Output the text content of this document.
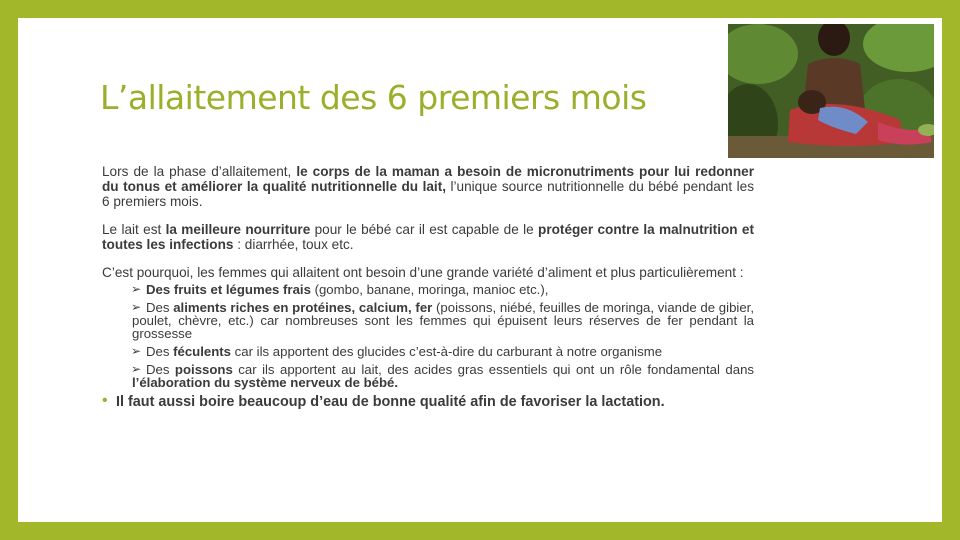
L’allaitement des 6 premiers mois

Lors de la phase d’allaitement, le corps de la maman a besoin de micronutriments pour lui redonner du tonus et améliorer la qualité nutritionnelle du lait, l’unique source nutritionnelle du bébé pendant les 6 premiers mois.

Le lait est la meilleure nourriture pour le bébé car il est capable de le protéger contre la malnutrition et toutes les infections : diarrhée, toux etc.

C’est pourquoi, les femmes qui allaitent ont besoin d’une grande variété d’aliment et plus particulièrement :

➢ Des fruits et légumes frais (gombo, banane, moringa, manioc etc.),
➢ Des aliments riches en protéines, calcium, fer (poissons, niébé, feuilles de moringa, viande de gibier, poulet, chèvre, etc.) car nombreuses sont les femmes qui épuisent leurs réserves de fer pendant la grossesse
➢ Des féculents car ils apportent des glucides c’est-à-dire du carburant à notre organisme
➢ Des poissons car ils apportent au lait, des acides gras essentiels qui ont un rôle fondamental dans l’élaboration du système nerveux de bébé.

• Il faut aussi boire beaucoup d’eau de bonne qualité afin de favoriser la lactation.
